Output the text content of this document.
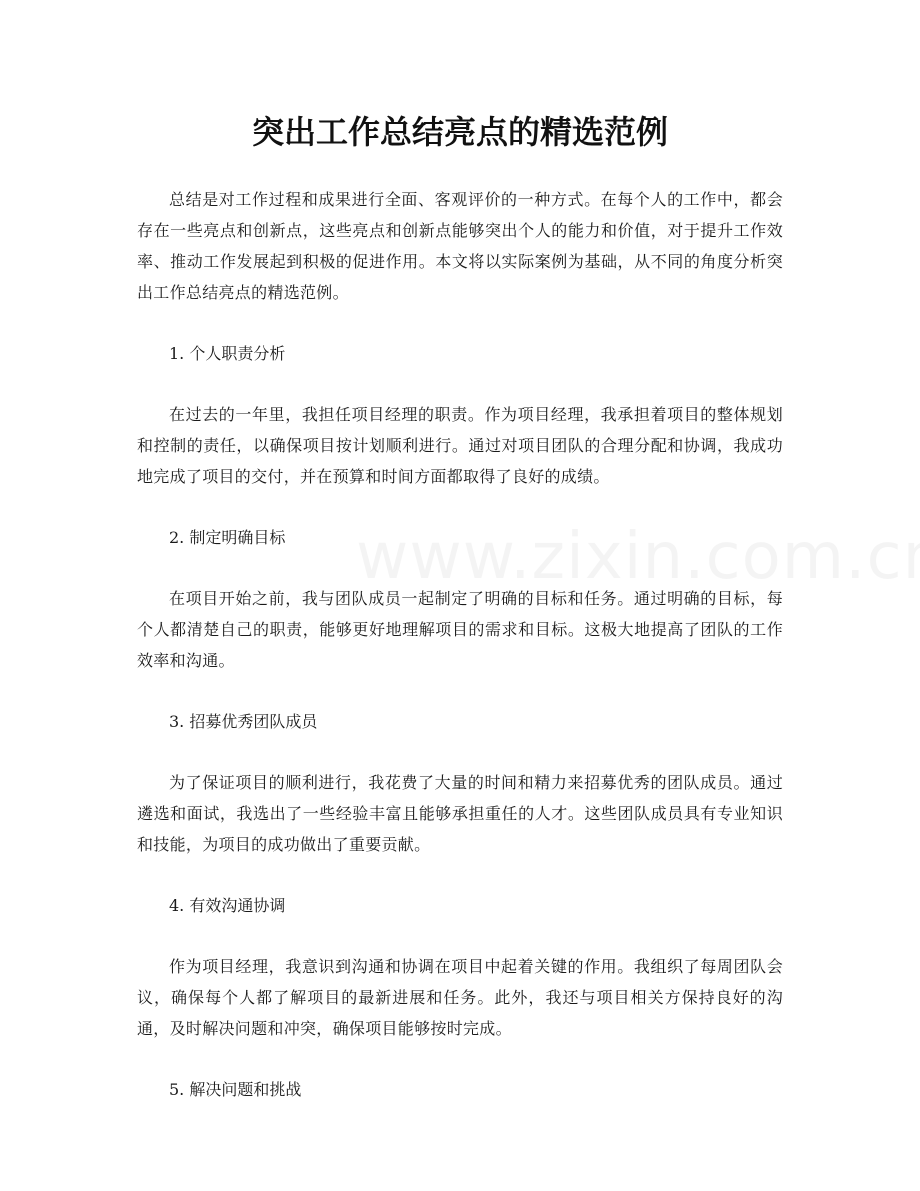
突出工作总结亮点的精选范例

总结是对工作过程和成果进行全面、客观评价的一种方式。在每个人的工作中，都会存在一些亮点和创新点，这些亮点和创新点能够突出个人的能力和价值，对于提升工作效率、推动工作发展起到积极的促进作用。本文将以实际案例为基础，从不同的角度分析突出工作总结亮点的精选范例。

1. 个人职责分析

在过去的一年里，我担任项目经理的职责。作为项目经理，我承担着项目的整体规划和控制的责任，以确保项目按计划顺利进行。通过对项目团队的合理分配和协调，我成功地完成了项目的交付，并在预算和时间方面都取得了良好的成绩。

2. 制定明确目标

在项目开始之前，我与团队成员一起制定了明确的目标和任务。通过明确的目标，每个人都清楚自己的职责，能够更好地理解项目的需求和目标。这极大地提高了团队的工作效率和沟通。

3. 招募优秀团队成员

为了保证项目的顺利进行，我花费了大量的时间和精力来招募优秀的团队成员。通过遴选和面试，我选出了一些经验丰富且能够承担重任的人才。这些团队成员具有专业知识和技能，为项目的成功做出了重要贡献。

4. 有效沟通协调

作为项目经理，我意识到沟通和协调在项目中起着关键的作用。我组织了每周团队会议，确保每个人都了解项目的最新进展和任务。此外，我还与项目相关方保持良好的沟通，及时解决问题和冲突，确保项目能够按时完成。

5. 解决问题和挑战
